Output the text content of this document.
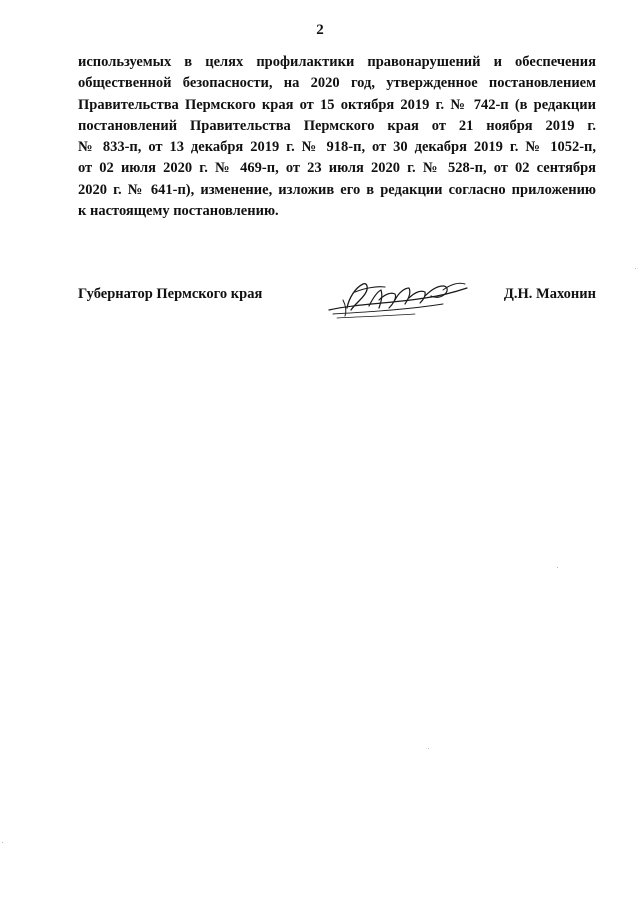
2
используемых в целях профилактики правонарушений и обеспечения
общественной безопасности, на 2020 год, утвержденное постановлением
Правительства Пермского края от 15 октября 2019 г. № 742-п (в редакции
постановлений Правительства Пермского края от 21 ноября 2019 г.
№ 833-п, от 13 декабря 2019 г. № 918-п, от 30 декабря 2019 г. № 1052-п,
от 02 июля 2020 г. № 469-п, от 23 июля 2020 г. № 528-п, от 02 сентября
2020 г. № 641-п), изменение, изложив его в редакции согласно приложению
к настоящему постановлению.
Губернатор Пермского края	Д.Н. Махонин
